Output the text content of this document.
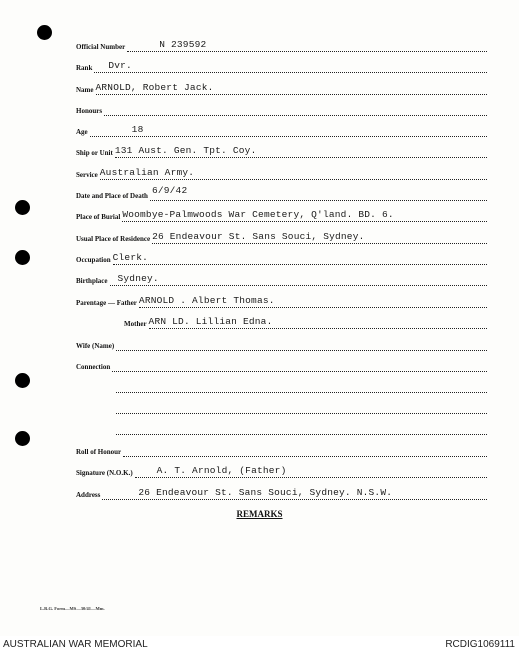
Official Number	N 239592
Rank Dvr.
Name ARNOLD, Robert Jack.
Honours
Age	18
Ship or Unit 131 Aust. Gen. Tpt. Coy.
Service Australian Army.
Date and Place of Death 6/9/42
Place of Burial Woombye-Palmwoods War Cemetery, Q'land. BD. 6.
Usual Place of Residence 26 Endeavour St. Sans Souci, Sydney.
Occupation Clerk.
Birthplace Sydney.
Parentage — Father ARNOLD . Albert Thomas.
Mother ARN LD. Lillian Edna.
Wife (Name)
Connection
Roll of Honour
Signature (N.O.K.)	A. T. Arnold, (Father)
Address	26 Endeavour St. Sans Souci, Sydney. N.S.W.
REMARKS
L.R.G. Form—MS—30/41—Mm.
AUSTRALIAN WAR MEMORIAL	RCDIG1069111
